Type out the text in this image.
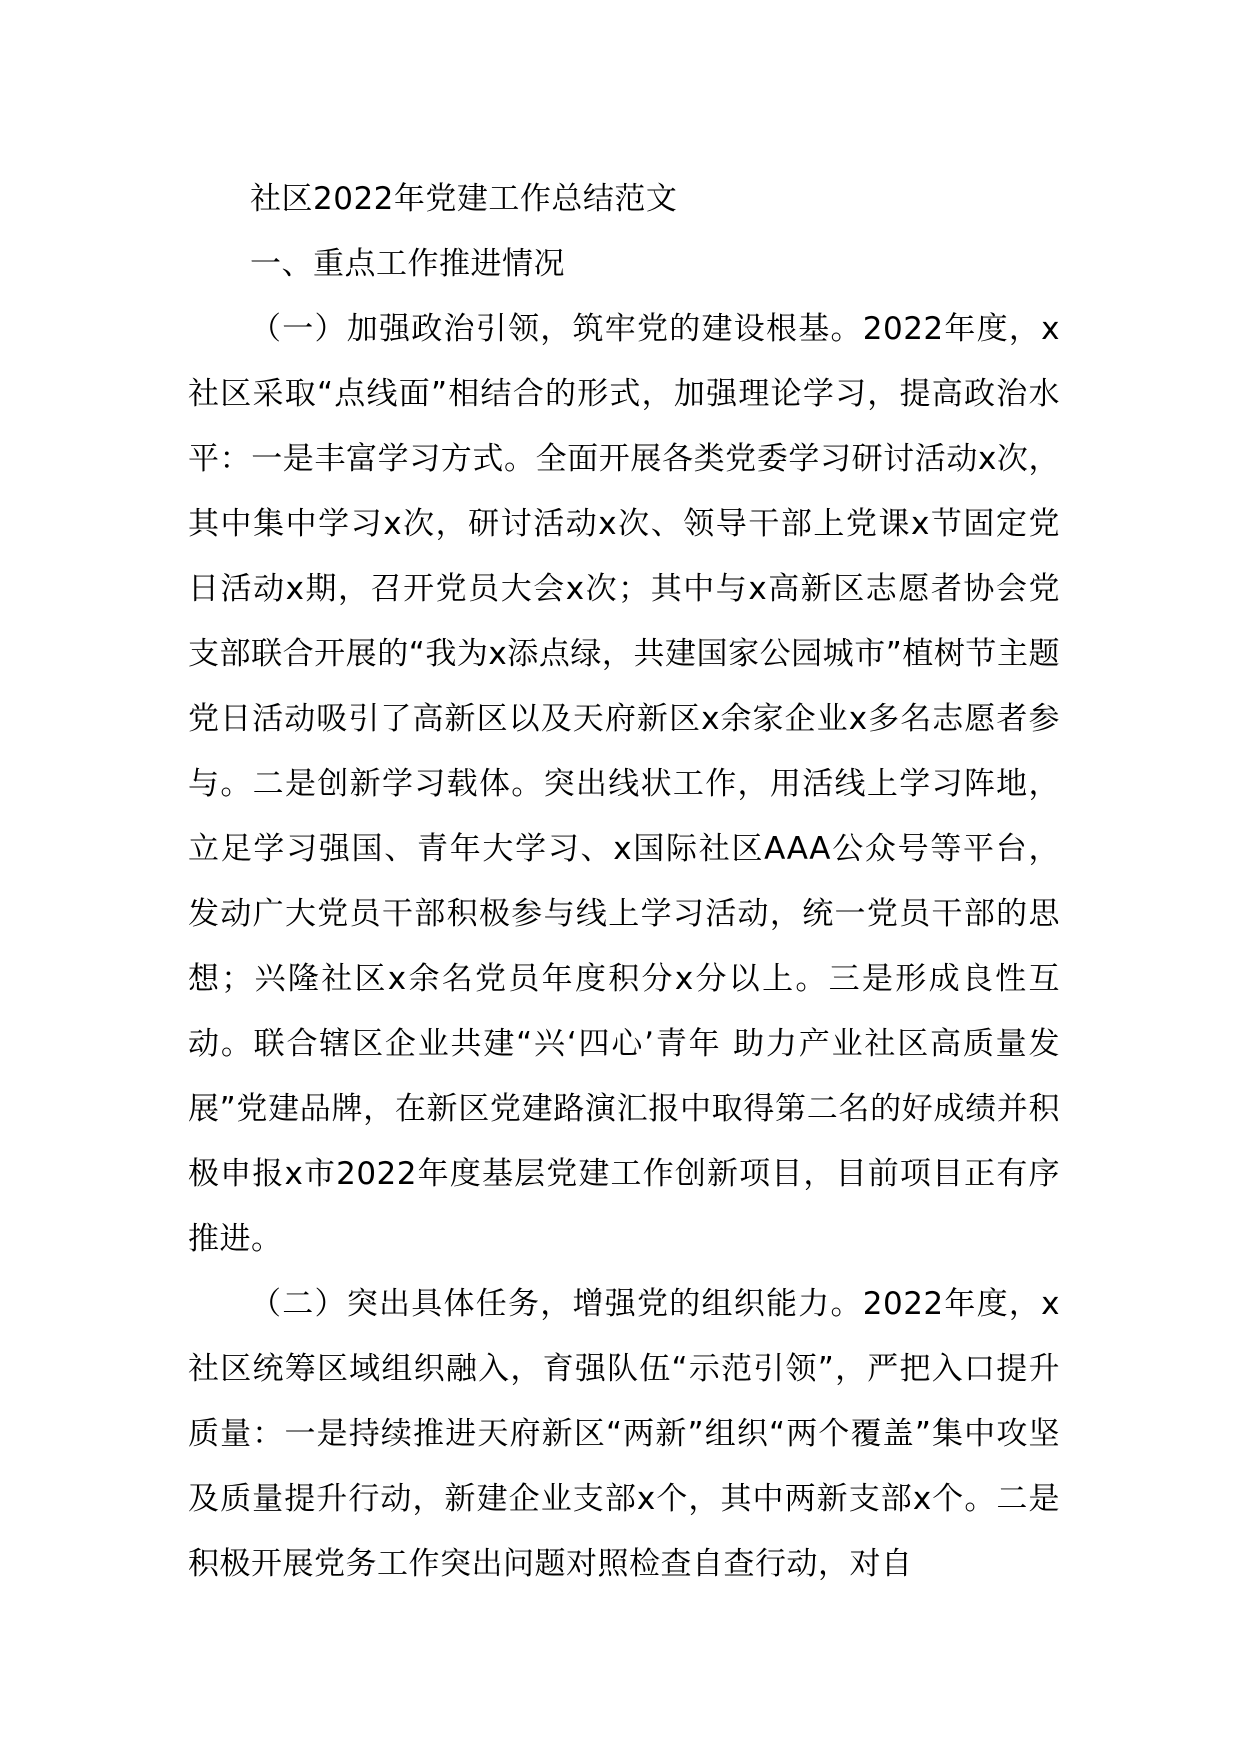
社区2022年党建工作总结范文
一、重点工作推进情况

（一）加强政治引领，筑牢党的建设根基。2022年度，x社区采取“点线面”相结合的形式，加强理论学习，提高政治水平：一是丰富学习方式。全面开展各类党委学习研讨活动x次，其中集中学习x次，研讨活动x次、领导干部上党课x节固定党日活动x期，召开党员大会x次；其中与x高新区志愿者协会党支部联合开展的“我为x添点绿，共建国家公园城市”植树节主题党日活动吸引了高新区以及天府新区x余家企业x多名志愿者参与。二是创新学习载体。突出线状工作，用活线上学习阵地，立足学习强国、青年大学习、x国际社区AAA公众号等平台，发动广大党员干部积极参与线上学习活动，统一党员干部的思想；兴隆社区x余名党员年度积分x分以上。三是形成良性互动。联合辖区企业共建“兴‘四心’青年 助力产业社区高质量发展”党建品牌，在新区党建路演汇报中取得第二名的好成绩并积极申报x市2022年度基层党建工作创新项目，目前项目正有序推进。

（二）突出具体任务，增强党的组织能力。2022年度，x社区统筹区域组织融入，育强队伍“示范引领”，严把入口提升质量：一是持续推进天府新区“两新”组织“两个覆盖”集中攻坚及质量提升行动，新建企业支部x个，其中两新支部x个。二是积极开展党务工作突出问题对照检查自查行动，对自
